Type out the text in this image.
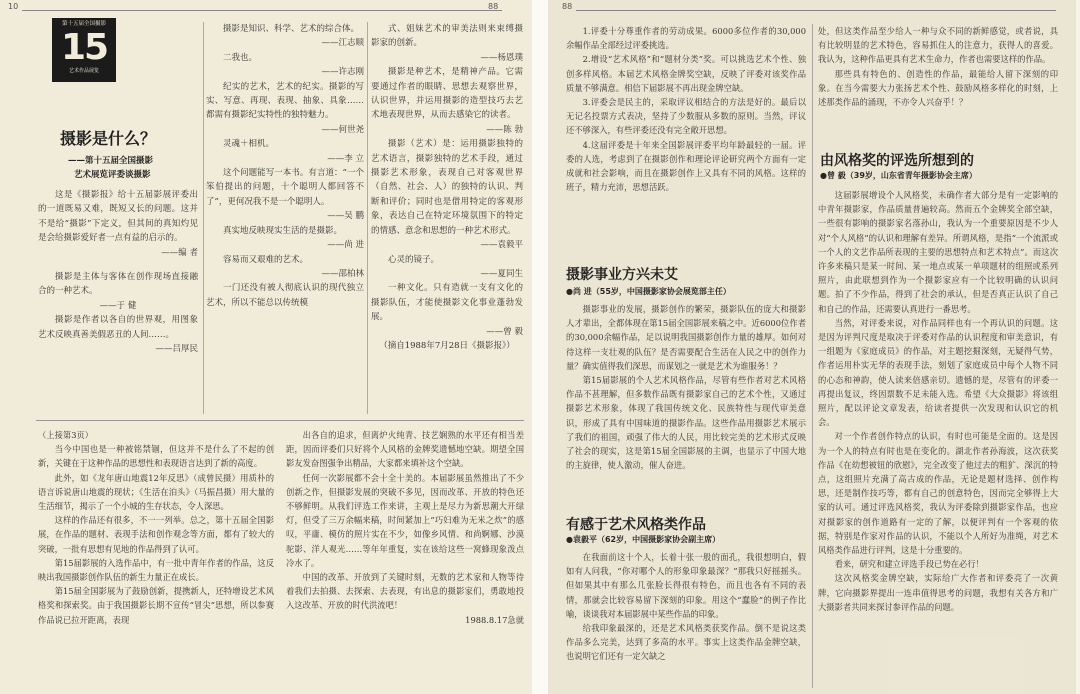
10	88
第十五届全国摄影
15
艺术作品展览
摄影是什么？
——第十五届全国摄影
艺术展览评委谈摄影

这是《摄影报》给十五届影展评委出的一道既易又难，既短又长的问题。这并不是给“摄影”下定义，但其间的真知灼见是会给摄影爱好者一点有益的启示的。

——编 者

摄影是主体与客体在创作现场直接融合的一种艺术。

——于 健

摄影是作者以各自的世界观，用图象艺术反映真善美假恶丑的人间……。

——吕厚民

摄影是知识、科学、艺术的综合体。

——江志顺

二我也。

——许志刚

纪实的艺术，艺术的纪实。摄影的写实、写意、再现、表现、抽象、具象……都需有摄影纪实特性的独特魅力。

——何世尧

灵魂＋相机。

——李 立

这个问题能写一本书。有言道：“一个笨伯提出的问题，十个聪明人都回答不了”，更何况我不是一个聪明人。

——吴 鹏

真实地反映现实生活的是摄影。

——尚 进

容易而又艰难的艺术。

——邵柏林

一门还没有被人彻底认识的现代独立艺术，所以不能总以传统模

式、姐妹艺术的审美法则来束缚摄影家的创新。

——杨恩璞

摄影是种艺术，是精神产品。它需要通过作者的眼睛、思想去观察世界，认识世界，并运用摄影的造型技巧去艺术地表现世界，从而去感染它的读者。

——陈 勃

摄影（艺术）是：运用摄影独特的艺术语言，摄影独特的艺术手段，通过摄影艺术形象，表现自己对客观世界（自然、社会、人）的独特的认识、判断和评价；同时也是借用特定的客观形象，表达自己在特定环境氛围下的特定的情感、意念和思想的一种艺术形式。

——袁毅平

心灵的镜子。

——夏同生

一种文化。只有造就一支有文化的摄影队伍，才能使摄影文化事业蓬勃发展。

——曾 毅

（摘自1988年7月28日《摄影报》）

（上接第3页）

当今中国也是一种被铭禁锢，但这并不是什么了不起的创新，关键在于这种作品的思想性和表现语言达到了新的高度。

此外，如《龙年唐山地震12年反思》（成曾民摄）用质朴的语言诉说唐山地震的现状；《生活在泊头》（马振昌摄）用大量的生活细节，揭示了一个小城的生存状态，令人深思。

这样的作品还有很多，不一一列举。总之，第十五届全国影展，在作品的题材、表现手法和创作观念等方面，都有了较大的突破，一批有思想有见地的作品得到了认可。

第15届影展的入选作品中，有一批中青年作者的作品，这反映出我国摄影创作队伍的新生力量正在成长。

第15届全国影展为了鼓励创新，提携新人，还特增设艺术风格奖和探索奖。由于我国摄影长期不宣传“冒尖”思想，所以参赛作品说已拉开距离，表现

出各自的追求，但离炉火纯青、技艺娴熟的水平还有相当差距，因而评委们只好将个人风格的金牌奖遗憾地空缺。期望全国影友发奋图强争出精品，大家都来填补这个空缺。

任何一次影展都不会十全十美的。本届影展虽然推出了不少创新之作，但摄影发展的突破不多见，因而改革、开放的特色还不够鲜明。从我们评选工作来讲，主观上是尽力为新思潮大开绿灯，但受了三万余幅来稿，时间紧加上“巧妇难为无米之炊”的感叹，平庸、模仿的照片实在不少，如像乡风情、和尚婀娜、沙漠驼影、洋人观光……等年年重复，实在该给这些一窝蜂现象泼点冷水了。

中国的改革、开放到了关键时刻，无数的艺术家和人物等待着我们去拍摄、去探索、去表现，有出息的摄影家们，勇敢地投入这改革、开放的时代洪流吧！

1988.8.17急就

88

1.评委十分尊重作者的劳动成果。6000多位作者的30,000余幅作品全部经过评委挑选。

2.增设“艺术风格”和“题材分类”奖。可以挑选艺术个性、独创多样风格。本届艺术风格金牌奖空缺，反映了评委对该奖作品质量不够满意。相信下届影展不再出现金牌空缺。

3.评委会是民主的，采取评议相结合的方法是好的。最后以无记名投票方式表决，坚持了少数服从多数的原则。当然，评议还不够深入，有些评委还没有完全敞开思想。

4.这届评委是十年来全国影展评委平均年龄最轻的一届。评委的人选，考虑到了在摄影创作和理论评论研究两个方面有一定成就和社会影响，而且在摄影创作上又具有不同的风格。这样的班子，精力充沛，思想活跃。

摄影事业方兴未艾
●尚 进（55岁，中国摄影家协会展览部主任）

摄影事业的发展，摄影创作的繁荣，摄影队伍的庞大和摄影人才辈出，全都体现在第15届全国影展来稿之中。近6000位作者的30,000余幅作品，足以说明我国摄影创作力量的雄厚。如何对待这样一支壮观的队伍？是否需要配合生活在人民之中的创作力量？确实值得我们深思，而谋划之一就是艺术为谁服务！？

第15届影展的个人艺术风格作品，尽管有些作者对艺术风格作品不甚理解，但多数作品既有摄影家自己的艺术个性，又通过摄影艺术形象，体现了我国传统文化、民族特性与现代审美意识，形成了具有中国味道的摄影作品。这些作品用摄影艺术展示了我们的祖国，顽强了伟大的人民，用比较完美的艺术形式反映了社会的现实，这是第15届全国影展的主调，也显示了中国大地的主旋律，使人激动，催人奋进。

有感于艺术风格类作品
●袁毅平（62岁，中国摄影家协会副主席）

在我面前这十个人，长着十张一般的面孔，我很想明白，假如有人问我，“你对哪个人的形象印象最深？”那我只好摇摇头。但如果其中有那么几张脸长得很有特色，而且也各有不同的表情，那就会比较容易留下深刻的印象。用这个“蠢脸”的例子作比喻，谈谈我对本届影展中某些作品的印象。

给我印象最深的，还是艺术风格类获奖作品。倒不是说这类作品多么完美，达到了多高的水平。事实上这类作品金牌空缺，也说明它们还有一定欠缺之

处，但这类作品至少给人一种与众不同的新鲜感觉，或者说，具有比较明显的艺术特色，容易抓住人的注意力，获得人的喜爱。我认为，这种作品更具有艺术生命力，作者也需要这样的作品。

那些具有特色的、创造性的作品，最能给人留下深刻的印象。在当今需要大力张扬艺术个性、鼓励风格多样化的时刻，上述那类作品的涌现，不亦令人兴奋乎！？

由风格奖的评选所想到的
●曾 毅（39岁，山东省青年摄影协会主席）

这届影展增设个人风格奖，未确作者大部分是有一定影响的中青年摄影家，作品质量普遍较高。然而五个金牌奖全部空缺，一些很有影响的摄影家名落孙山，我认为一个重要原因是不少人对“个人风格”的认识和理解有差异。所谓风格，是指“一个流派或一个人的文艺作品所表现的主要的思想特点和艺术特点”。而这次许多来稿只是某一时间、某一地点或某一单项题材的组照或系列照片，由此联想到作为一个摄影家应有一个比较明确的认识问题。拍了不少作品，得到了社会的承认，但是否真正认识了自己和自己的作品，还需要认真进行一番思考。

当然，对评委来说，对作品同样也有一个再认识的问题。这是因为评判尺度是取决于评委对作品的认识程度和审美意识，有一组题为《家庭成员》的作品，对主题挖掘深刻，无疑得气势，作者运用朴实无华的表现手法，刻划了家庭成员中每个人物不同的心态和神韵，使人读来倍感亲切。遗憾的是，尽管有的评委一再提出复议，终因票数不足未能入选。希望《大众摄影》将该组照片，配以评论文章发表，给读者提供一次发现和认识它的机会。

对一个作者创作特点的认识，有时也可能是全面的。这是因为一个人的特点有时也是在变化的。湖北作者孙海波，这次获奖作品《在幼想被钮的欣慰》，完全改变了他过去的粗犷、深沉的特点，这组照片充满了高古成的作品，无论是题材选择、创作构思，还是制作技巧等，都有自己的创意特色，因而完全够得上大家的认可。通过评选风格奖，我认为评委除到摄影家作品，也应对摄影家的创作道路有一定的了解，以便评判有一个客观的依据，特别是作家对作品的认识，不能以个人所好为准绳，对艺术风格类作品进行评判，这是十分重要的。

看来，研究和建立评选手段已势在必行！

这次风格奖金牌空缺，实际给广大作者和评委亮了一次黄牌，它向摄影界提出一连串值得思考的问题，我想有关各方和广大摄影者共同来探讨参评作品的问题。
